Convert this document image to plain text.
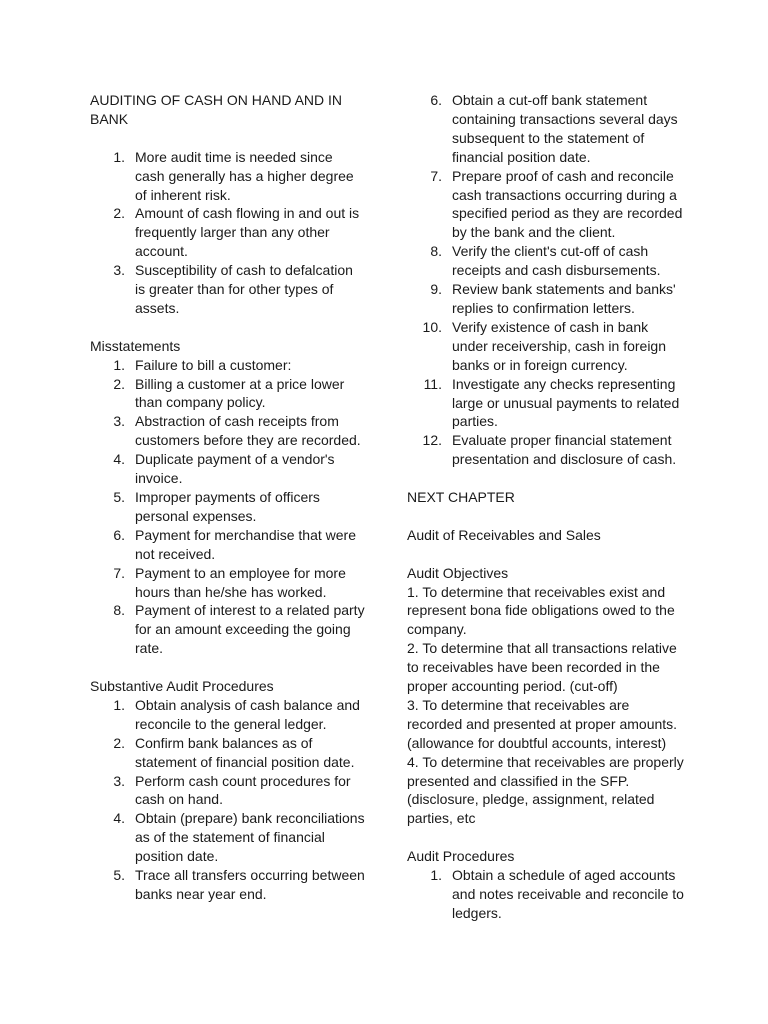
AUDITING OF CASH ON HAND AND IN BANK

1. More audit time is needed since cash generally has a higher degree of inherent risk.
2. Amount of cash flowing in and out is frequently larger than any other account.
3. Susceptibility of cash to defalcation is greater than for other types of assets.

Misstatements

1. Failure to bill a customer:
2. Billing a customer at a price lower than company policy.
3. Abstraction of cash receipts from customers before they are recorded.
4. Duplicate payment of a vendor's invoice.
5. Improper payments of officers personal expenses.
6. Payment for merchandise that were not received.
7. Payment to an employee for more hours than he/she has worked.
8. Payment of interest to a related party for an amount exceeding the going rate.

Substantive Audit Procedures

1. Obtain analysis of cash balance and reconcile to the general ledger.
2. Confirm bank balances as of statement of financial position date.
3. Perform cash count procedures for cash on hand.
4. Obtain (prepare) bank reconciliations as of the statement of financial position date.
5. Trace all transfers occurring between banks near year end.
6. Obtain a cut-off bank statement containing transactions several days subsequent to the statement of financial position date.
7. Prepare proof of cash and reconcile cash transactions occurring during a specified period as they are recorded by the bank and the client.
8. Verify the client's cut-off of cash receipts and cash disbursements.
9. Review bank statements and banks' replies to confirmation letters.
10. Verify existence of cash in bank under receivership, cash in foreign banks or in foreign currency.
11. Investigate any checks representing large or unusual payments to related parties.
12. Evaluate proper financial statement presentation and disclosure of cash.

NEXT CHAPTER

Audit of Receivables and Sales

Audit Objectives

1. To determine that receivables exist and represent bona fide obligations owed to the company.

2. To determine that all transactions relative to receivables have been recorded in the proper accounting period. (cut-off)

3. To determine that receivables are recorded and presented at proper amounts. (allowance for doubtful accounts, interest)

4. To determine that receivables are properly presented and classified in the SFP. (disclosure, pledge, assignment, related parties, etc

Audit Procedures

1. Obtain a schedule of aged accounts and notes receivable and reconcile to ledgers.
